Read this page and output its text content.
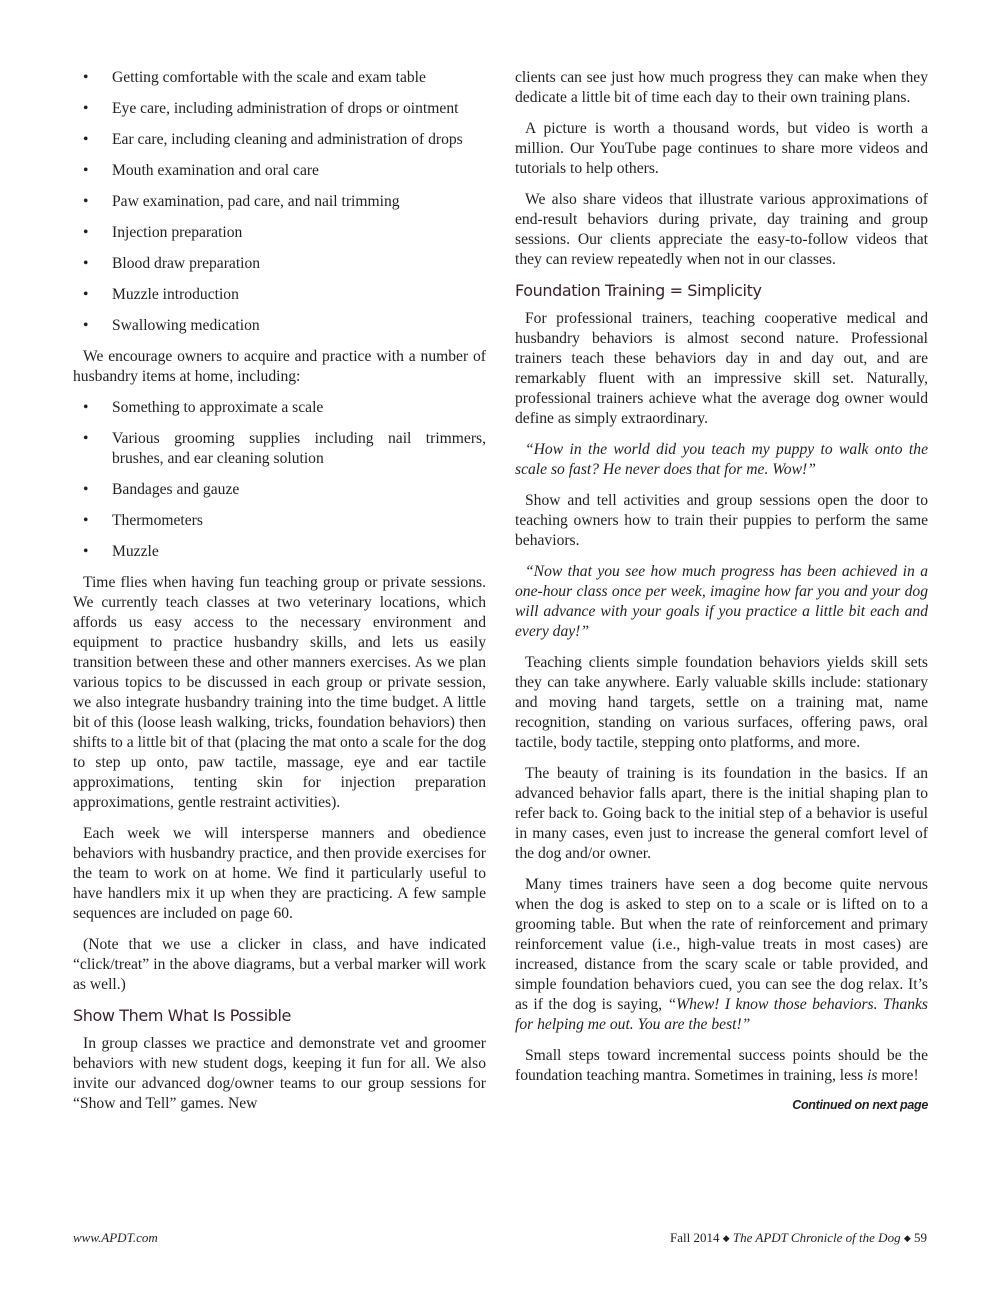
• Getting comfortable with the scale and exam table
• Eye care, including administration of drops or ointment
• Ear care, including cleaning and administration of drops
• Mouth examination and oral care
• Paw examination, pad care, and nail trimming
• Injection preparation
• Blood draw preparation
• Muzzle introduction
• Swallowing medication

We encourage owners to acquire and practice with a number of husbandry items at home, including:

• Something to approximate a scale
• Various grooming supplies including nail trimmers, brushes, and ear cleaning solution
• Bandages and gauze
• Thermometers
• Muzzle

Time flies when having fun teaching group or private sessions. We currently teach classes at two veterinary locations, which affords us easy access to the necessary environment and equipment to practice husbandry skills, and lets us easily transition between these and other manners exercises. As we plan various topics to be discussed in each group or private session, we also integrate husbandry training into the time budget. A little bit of this (loose leash walking, tricks, foundation behaviors) then shifts to a little bit of that (placing the mat onto a scale for the dog to step up onto, paw tactile, massage, eye and ear tactile approximations, tenting skin for injection preparation approximations, gentle restraint activities).

Each week we will intersperse manners and obedience behaviors with husbandry practice, and then provide exercises for the team to work on at home. We find it particularly useful to have handlers mix it up when they are practicing. A few sample sequences are included on page 60.

(Note that we use a clicker in class, and have indicated “click/treat” in the above diagrams, but a verbal marker will work as well.)

Show Them What Is Possible

In group classes we practice and demonstrate vet and groomer behaviors with new student dogs, keeping it fun for all. We also invite our advanced dog/owner teams to our group sessions for “Show and Tell” games. New

clients can see just how much progress they can make when they dedicate a little bit of time each day to their own training plans.

A picture is worth a thousand words, but video is worth a million. Our YouTube page continues to share more videos and tutorials to help others.

We also share videos that illustrate various approximations of end-result behaviors during private, day training and group sessions. Our clients appreciate the easy-to-follow videos that they can review repeatedly when not in our classes.

Foundation Training = Simplicity

For professional trainers, teaching cooperative medical and husbandry behaviors is almost second nature. Professional trainers teach these behaviors day in and day out, and are remarkably fluent with an impressive skill set. Naturally, professional trainers achieve what the average dog owner would define as simply extraordinary.

“How in the world did you teach my puppy to walk onto the scale so fast? He never does that for me. Wow!”

Show and tell activities and group sessions open the door to teaching owners how to train their puppies to perform the same behaviors.

“Now that you see how much progress has been achieved in a one-hour class once per week, imagine how far you and your dog will advance with your goals if you practice a little bit each and every day!”

Teaching clients simple foundation behaviors yields skill sets they can take anywhere. Early valuable skills include: stationary and moving hand targets, settle on a training mat, name recognition, standing on various surfaces, offering paws, oral tactile, body tactile, stepping onto platforms, and more.

The beauty of training is its foundation in the basics. If an advanced behavior falls apart, there is the initial shaping plan to refer back to. Going back to the initial step of a behavior is useful in many cases, even just to increase the general comfort level of the dog and/or owner.

Many times trainers have seen a dog become quite nervous when the dog is asked to step on to a scale or is lifted on to a grooming table. But when the rate of reinforcement and primary reinforcement value (i.e., high-value treats in most cases) are increased, distance from the scary scale or table provided, and simple foundation behaviors cued, you can see the dog relax. It’s as if the dog is saying, “Whew! I know those behaviors. Thanks for helping me out. You are the best!”

Small steps toward incremental success points should be the foundation teaching mantra. Sometimes in training, less is more!

Continued on next page
www.APDT.com	Fall 2014 ◆ The APDT Chronicle of the Dog ◆ 59
